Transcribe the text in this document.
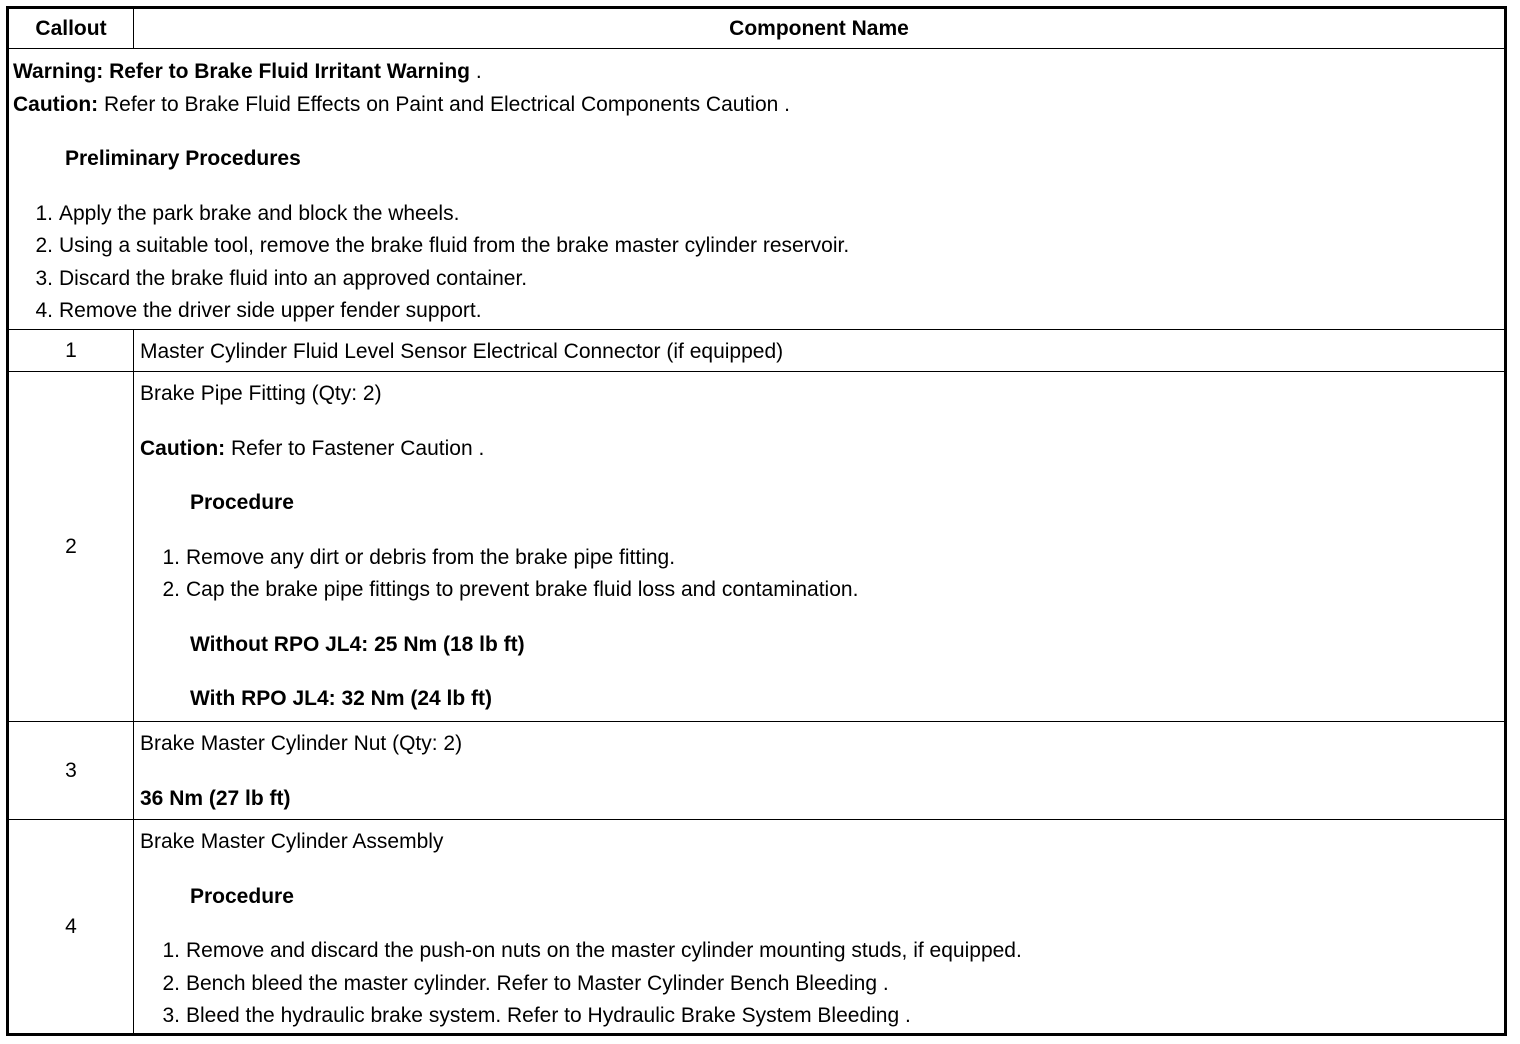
Callout	Component Name
Warning: Refer to Brake Fluid Irritant Warning .
Caution: Refer to Brake Fluid Effects on Paint and Electrical Components Caution .
Preliminary Procedures
1. Apply the park brake and block the wheels.
2. Using a suitable tool, remove the brake fluid from the brake master cylinder reservoir.
3. Discard the brake fluid into an approved container.
4. Remove the driver side upper fender support.
1	Master Cylinder Fluid Level Sensor Electrical Connector (if equipped)
2
Brake Pipe Fitting (Qty: 2)
Caution: Refer to Fastener Caution .
Procedure
1. Remove any dirt or debris from the brake pipe fitting.
2. Cap the brake pipe fittings to prevent brake fluid loss and contamination.
Without RPO JL4: 25 Nm (18 lb ft)
With RPO JL4: 32 Nm (24 lb ft)
3
Brake Master Cylinder Nut (Qty: 2)
36 Nm (27 lb ft)
4
Brake Master Cylinder Assembly
Procedure
1. Remove and discard the push-on nuts on the master cylinder mounting studs, if equipped.
2. Bench bleed the master cylinder. Refer to Master Cylinder Bench Bleeding .
3. Bleed the hydraulic brake system. Refer to Hydraulic Brake System Bleeding .
